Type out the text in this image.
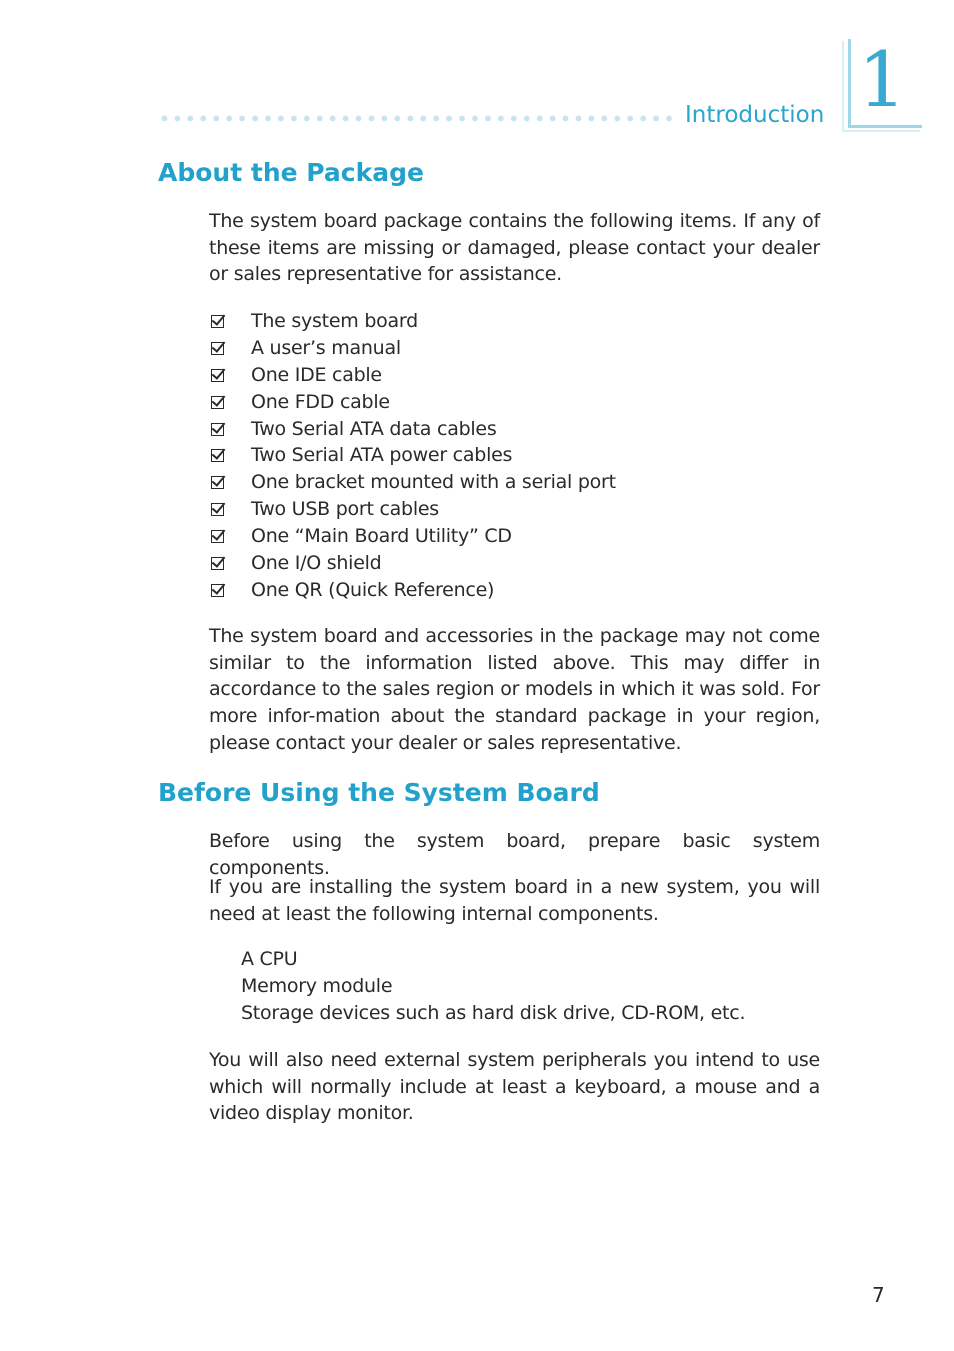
Introduction 1
About the Package

The system board package contains the following items. If any of these items are missing or damaged, please contact your dealer or sales representative for assistance.

The system board
A user’s manual
One IDE cable
One FDD cable
Two Serial ATA data cables
Two Serial ATA power cables
One bracket mounted with a serial port
Two USB port cables
One “Main Board Utility” CD
One I/O shield
One QR (Quick Reference)

The system board and accessories in the package may not come similar to the information listed above. This may differ in accordance to the sales region or models in which it was sold. For more infor-mation about the standard package in your region, please contact your dealer or sales representative.

Before Using the System Board

Before using the system board, prepare basic system components.

If you are installing the system board in a new system, you will need at least the following internal components.

A CPU
Memory module
Storage devices such as hard disk drive, CD-ROM, etc.

You will also need external system peripherals you intend to use which will normally include at least a keyboard, a mouse and a video display monitor.

7
